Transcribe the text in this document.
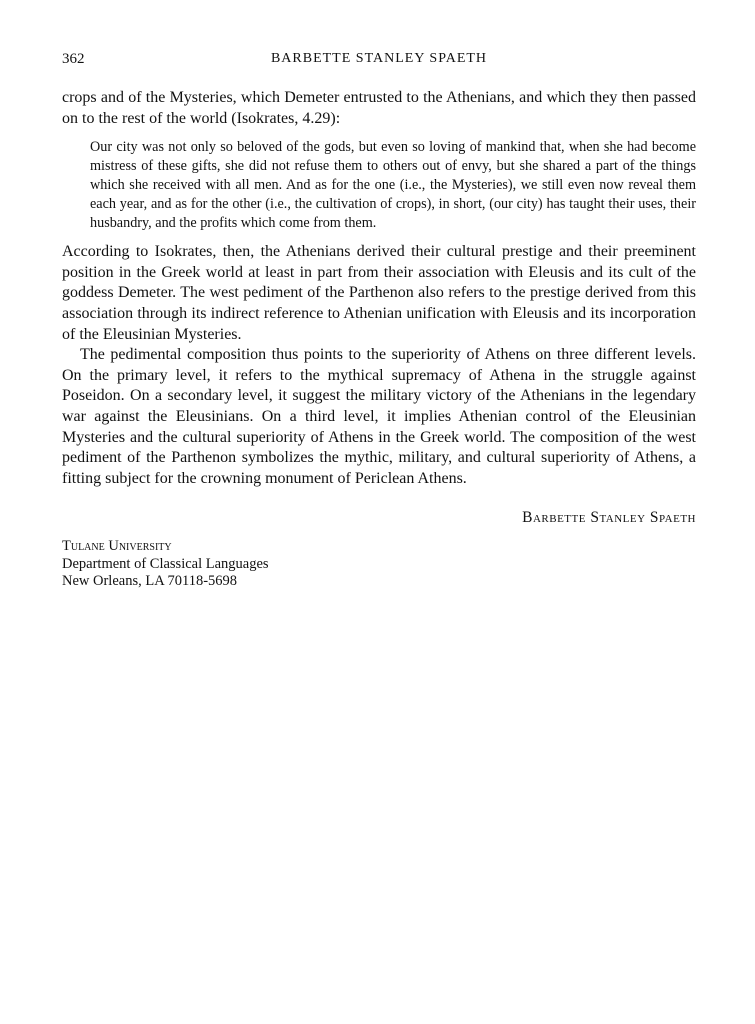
362	BARBETTE STANLEY SPAETH

crops and of the Mysteries, which Demeter entrusted to the Athenians, and which they then passed on to the rest of the world (Isokrates, 4.29):

Our city was not only so beloved of the gods, but even so loving of mankind that, when she had become mistress of these gifts, she did not refuse them to others out of envy, but she shared a part of the things which she received with all men. And as for the one (i.e., the Mysteries), we still even now reveal them each year, and as for the other (i.e., the cultivation of crops), in short, (our city) has taught their uses, their husbandry, and the profits which come from them.

According to Isokrates, then, the Athenians derived their cultural prestige and their preeminent position in the Greek world at least in part from their association with Eleusis and its cult of the goddess Demeter. The west pediment of the Parthenon also refers to the prestige derived from this association through its indirect reference to Athenian unification with Eleusis and its incorporation of the Eleusinian Mysteries.

The pedimental composition thus points to the superiority of Athens on three different levels. On the primary level, it refers to the mythical supremacy of Athena in the struggle against Poseidon. On a secondary level, it suggest the military victory of the Athenians in the legendary war against the Eleusinians. On a third level, it implies Athenian control of the Eleusinian Mysteries and the cultural superiority of Athens in the Greek world. The composition of the west pediment of the Parthenon symbolizes the mythic, military, and cultural superiority of Athens, a fitting subject for the crowning monument of Periclean Athens.

Barbette Stanley Spaeth
Tulane University
Department of Classical Languages
New Orleans, LA 70118-5698
